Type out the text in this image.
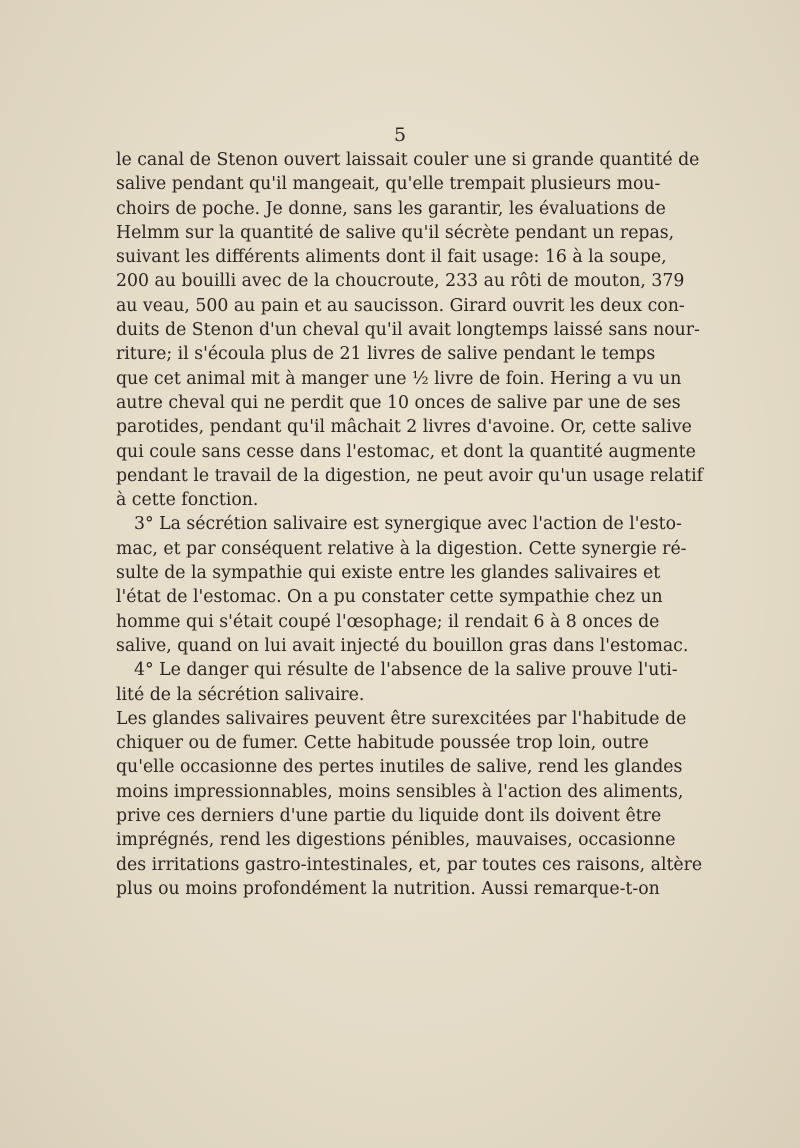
5
le canal de Stenon ouvert laissait couler une si grande quantité de
salive pendant qu'il mangeait, qu'elle trempait plusieurs mou-
choirs de poche. Je donne, sans les garantir, les évaluations de
Helmm sur la quantité de salive qu'il sécrète pendant un repas,
suivant les différents aliments dont il fait usage: 16 à la soupe,
200 au bouilli avec de la choucroute, 233 au rôti de mouton, 379
au veau, 500 au pain et au saucisson. Girard ouvrit les deux con-
duits de Stenon d'un cheval qu'il avait longtemps laissé sans nour-
riture; il s'écoula plus de 21 livres de salive pendant le temps
que cet animal mit à manger une ½ livre de foin. Hering a vu un
autre cheval qui ne perdit que 10 onces de salive par une de ses
parotides, pendant qu'il mâchait 2 livres d'avoine. Or, cette salive
qui coule sans cesse dans l'estomac, et dont la quantité augmente
pendant le travail de la digestion, ne peut avoir qu'un usage relatif
à cette fonction.
3° La sécrétion salivaire est synergique avec l'action de l'esto-
mac, et par conséquent relative à la digestion. Cette synergie ré-
sulte de la sympathie qui existe entre les glandes salivaires et
l'état de l'estomac. On a pu constater cette sympathie chez un
homme qui s'était coupé l'œsophage; il rendait 6 à 8 onces de
salive, quand on lui avait injecté du bouillon gras dans l'estomac.
4° Le danger qui résulte de l'absence de la salive prouve l'uti-
lité de la sécrétion salivaire.
Les glandes salivaires peuvent être surexcitées par l'habitude de
chiquer ou de fumer. Cette habitude poussée trop loin, outre
qu'elle occasionne des pertes inutiles de salive, rend les glandes
moins impressionnables, moins sensibles à l'action des aliments,
prive ces derniers d'une partie du liquide dont ils doivent être
imprégnés, rend les digestions pénibles, mauvaises, occasionne
des irritations gastro-intestinales, et, par toutes ces raisons, altère
plus ou moins profondément la nutrition. Aussi remarque-t-on
